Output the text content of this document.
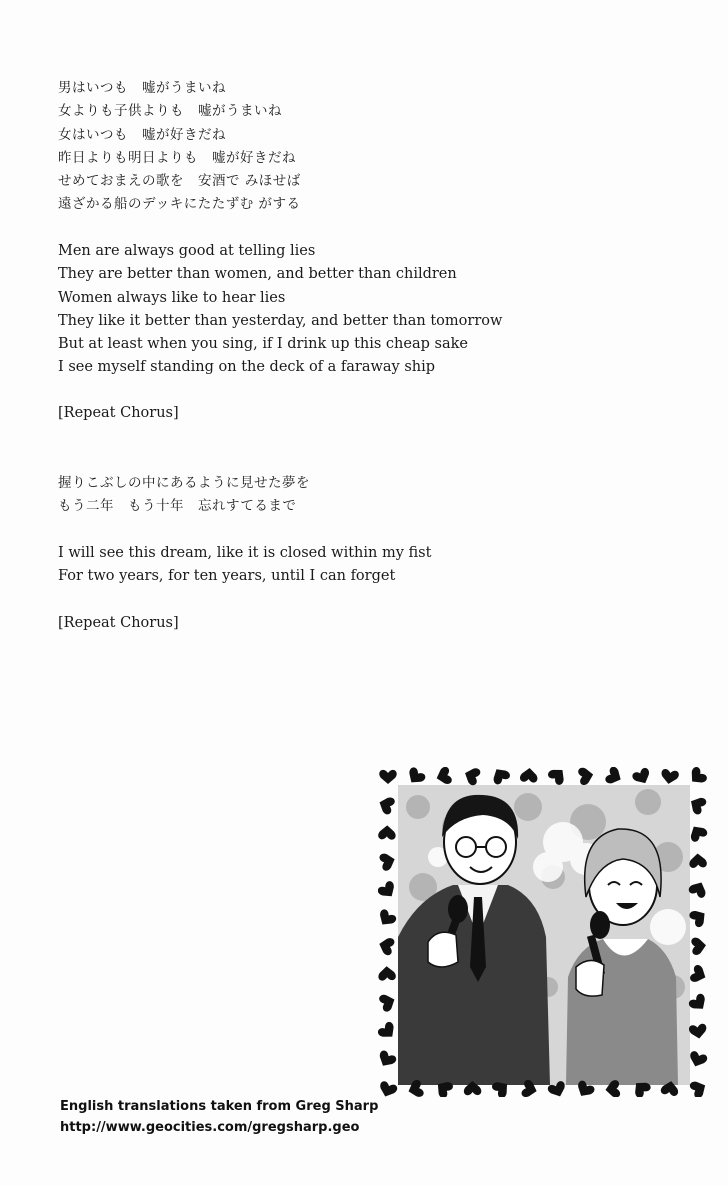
男はいつも　嘘がうまいね
女よりも子供よりも　嘘がうまいね
女はいつも　嘘が好きだね
昨日よりも明日よりも　嘘が好きだね
せめておまえの歌を　安酒で みほせば
遠ざかる船のデッキにたたずむ がする
Men are always good at telling lies
They are better than women, and better than children
Women always like to hear lies
They like it better than yesterday, and better than tomorrow
But at least when you sing, if I drink up this cheap sake
I see myself standing on the deck of a faraway ship
[Repeat Chorus]
握りこぶしの中にあるように見せた夢を
もう二年　もう十年　忘れすてるまで
I will see this dream, like it is closed within my fist
For two years, for ten years, until I can forget
[Repeat Chorus]
English translations taken from Greg Sharp
http://www.geocities.com/gregsharp.geo
